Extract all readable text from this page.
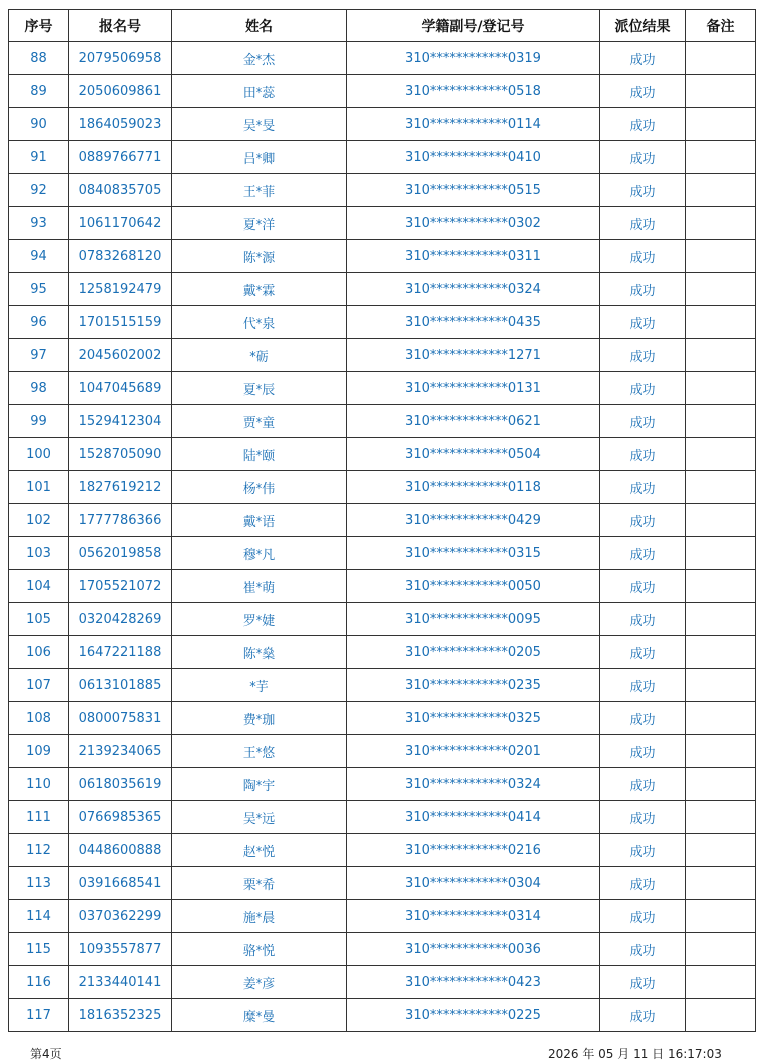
序号	报名号	姓名	学籍副号/登记号	派位结果	备注
88	2079506958	金*杰	310************0319	成功	
89	2050609861	田*蕊	310************0518	成功	
90	1864059023	吴*旻	310************0114	成功	
91	0889766771	吕*卿	310************0410	成功	
92	0840835705	王*菲	310************0515	成功	
93	1061170642	夏*洋	310************0302	成功	
94	0783268120	陈*源	310************0311	成功	
95	1258192479	戴*霖	310************0324	成功	
96	1701515159	代*泉	310************0435	成功	
97	2045602002	*砺	310************1271	成功	
98	1047045689	夏*辰	310************0131	成功	
99	1529412304	贾*童	310************0621	成功	
100	1528705090	陆*颐	310************0504	成功	
101	1827619212	杨*伟	310************0118	成功	
102	1777786366	戴*语	310************0429	成功	
103	0562019858	穆*凡	310************0315	成功	
104	1705521072	崔*萌	310************0050	成功	
105	0320428269	罗*婕	310************0095	成功	
106	1647221188	陈*燊	310************0205	成功	
107	0613101885	*芋	310************0235	成功	
108	0800075831	费*珈	310************0325	成功	
109	2139234065	王*悠	310************0201	成功	
110	0618035619	陶*宇	310************0324	成功	
111	0766985365	吴*远	310************0414	成功	
112	0448600888	赵*悦	310************0216	成功	
113	0391668541	栗*希	310************0304	成功	
114	0370362299	施*晨	310************0314	成功	
115	1093557877	骆*悦	310************0036	成功	
116	2133440141	姜*彦	310************0423	成功	
117	1816352325	糜*曼	310************0225	成功	
第4页	2026 年 05 月 11 日 16:17:03
